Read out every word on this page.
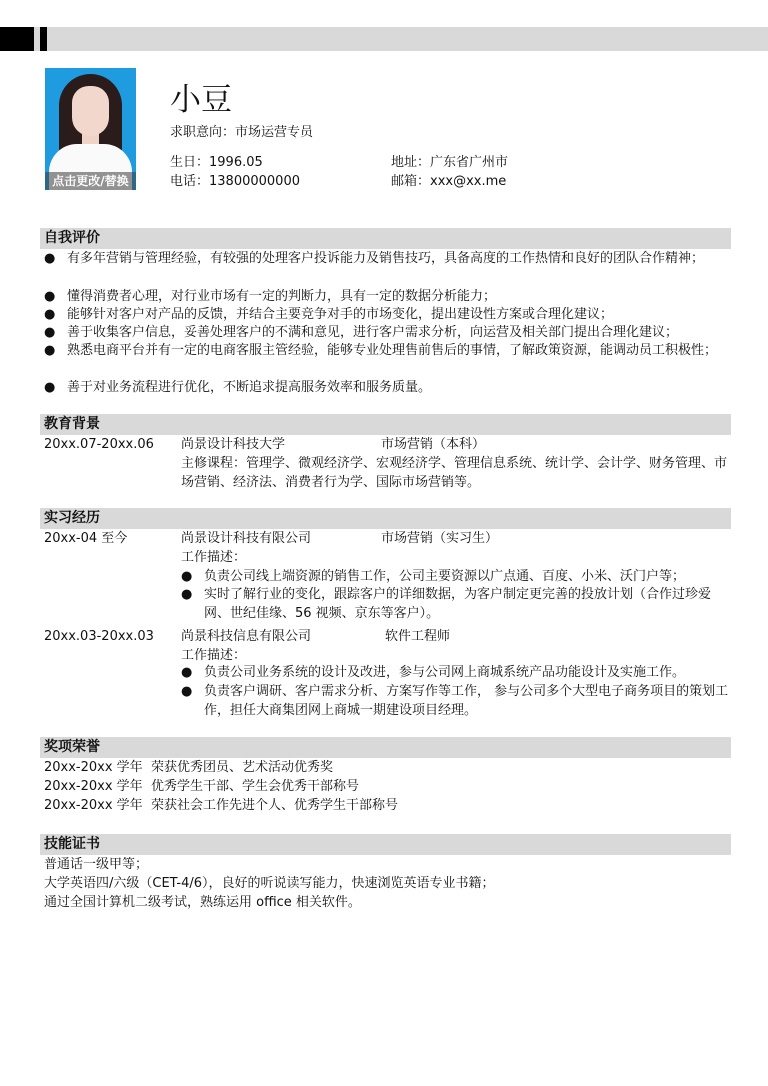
点击更改/替换
小豆
求职意向：市场运营专员
生日：1996.05	地址：广东省广州市
电话：13800000000	邮箱：xxx@xx.me
自我评价
● 有多年营销与管理经验，有较强的处理客户投诉能力及销售技巧，具备高度的工作热情和良好的团队合作精神；
● 懂得消费者心理，对行业市场有一定的判断力，具有一定的数据分析能力；
● 能够针对客户对产品的反馈，并结合主要竞争对手的市场变化，提出建设性方案或合理化建议；
● 善于收集客户信息，妥善处理客户的不满和意见，进行客户需求分析，向运营及相关部门提出合理化建议；
● 熟悉电商平台并有一定的电商客服主管经验，能够专业处理售前售后的事情，了解政策资源，能调动员工积极性；
● 善于对业务流程进行优化，不断追求提高服务效率和服务质量。
教育背景
20xx.07-20xx.06 尚景设计科技大学	市场营销（本科）
主修课程：管理学、微观经济学、宏观经济学、管理信息系统、统计学、会计学、财务管理、市场营销、经济法、消费者行为学、国际市场营销等。
实习经历
20xx-04 至今	尚景设计科技有限公司	市场营销（实习生）
工作描述：
● 负责公司线上端资源的销售工作，公司主要资源以广点通、百度、小米、沃门户等；
● 实时了解行业的变化，跟踪客户的详细数据，为客户制定更完善的投放计划（合作过珍爱网、世纪佳缘、56 视频、京东等客户）。
20xx.03-20xx.03 尚景科技信息有限公司	软件工程师
工作描述：
● 负责公司业务系统的设计及改进，参与公司网上商城系统产品功能设计及实施工作。
● 负责客户调研、客户需求分析、方案写作等工作， 参与公司多个大型电子商务项目的策划工作，担任大商集团网上商城一期建设项目经理。
奖项荣誉
20xx-20xx 学年  荣获优秀团员、艺术活动优秀奖
20xx-20xx 学年  优秀学生干部、学生会优秀干部称号
20xx-20xx 学年  荣获社会工作先进个人、优秀学生干部称号
技能证书
普通话一级甲等；
大学英语四/六级（CET-4/6），良好的听说读写能力，快速浏览英语专业书籍；
通过全国计算机二级考试，熟练运用 office 相关软件。
